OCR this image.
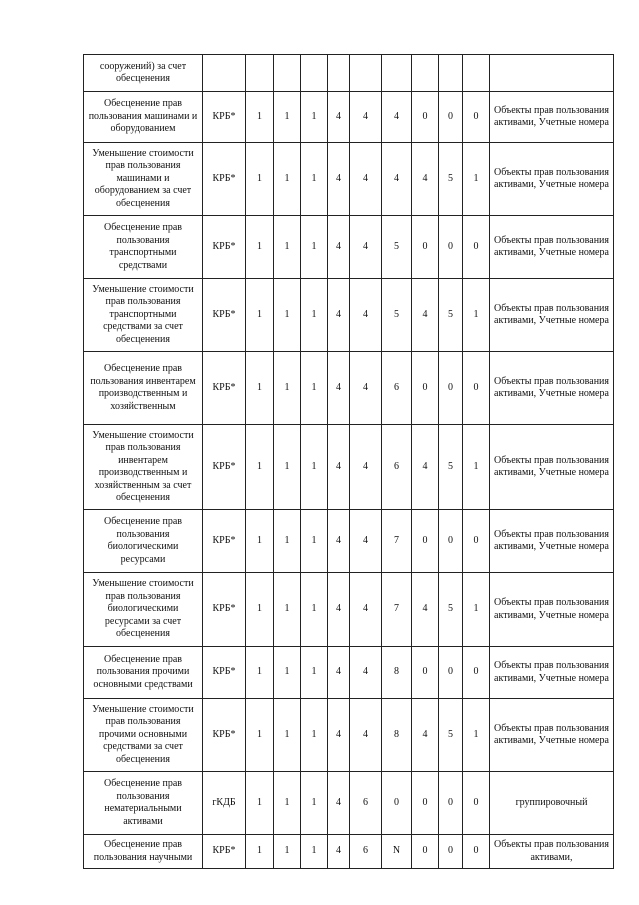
сооружений) за счет обесценения											
Обесценение прав пользования машинами и оборудованием	КРБ*	1	1	1	4	4	4	0	0	0	Объекты прав пользования активами, Учетные номера
Уменьшение стоимости прав пользования машинами и оборудованием за счет обесценения	КРБ*	1	1	1	4	4	4	4	5	1	Объекты прав пользования активами, Учетные номера
Обесценение прав пользования транспортными средствами	КРБ*	1	1	1	4	4	5	0	0	0	Объекты прав пользования активами, Учетные номера
Уменьшение стоимости прав пользования транспортными средствами за счет обесценения	КРБ*	1	1	1	4	4	5	4	5	1	Объекты прав пользования активами, Учетные номера
Обесценение прав пользования инвентарем производственным и хозяйственным	КРБ*	1	1	1	4	4	6	0	0	0	Объекты прав пользования активами, Учетные номера
Уменьшение стоимости прав пользования инвентарем производственным и хозяйственным за счет обесценения	КРБ*	1	1	1	4	4	6	4	5	1	Объекты прав пользования активами, Учетные номера
Обесценение прав пользования биологическими ресурсами	КРБ*	1	1	1	4	4	7	0	0	0	Объекты прав пользования активами, Учетные номера
Уменьшение стоимости прав пользования биологическими ресурсами за счет обесценения	КРБ*	1	1	1	4	4	7	4	5	1	Объекты прав пользования активами, Учетные номера
Обесценение прав пользования прочими основными средствами	КРБ*	1	1	1	4	4	8	0	0	0	Объекты прав пользования активами, Учетные номера
Уменьшение стоимости прав пользования прочими основными средствами за счет обесценения	КРБ*	1	1	1	4	4	8	4	5	1	Объекты прав пользования активами, Учетные номера
Обесценение прав пользования нематериальными активами	гКДБ	1	1	1	4	6	0	0	0	0	группировочный
Обесценение прав пользования научными	КРБ*	1	1	1	4	6	N	0	0	0	Объекты прав пользования активами,
